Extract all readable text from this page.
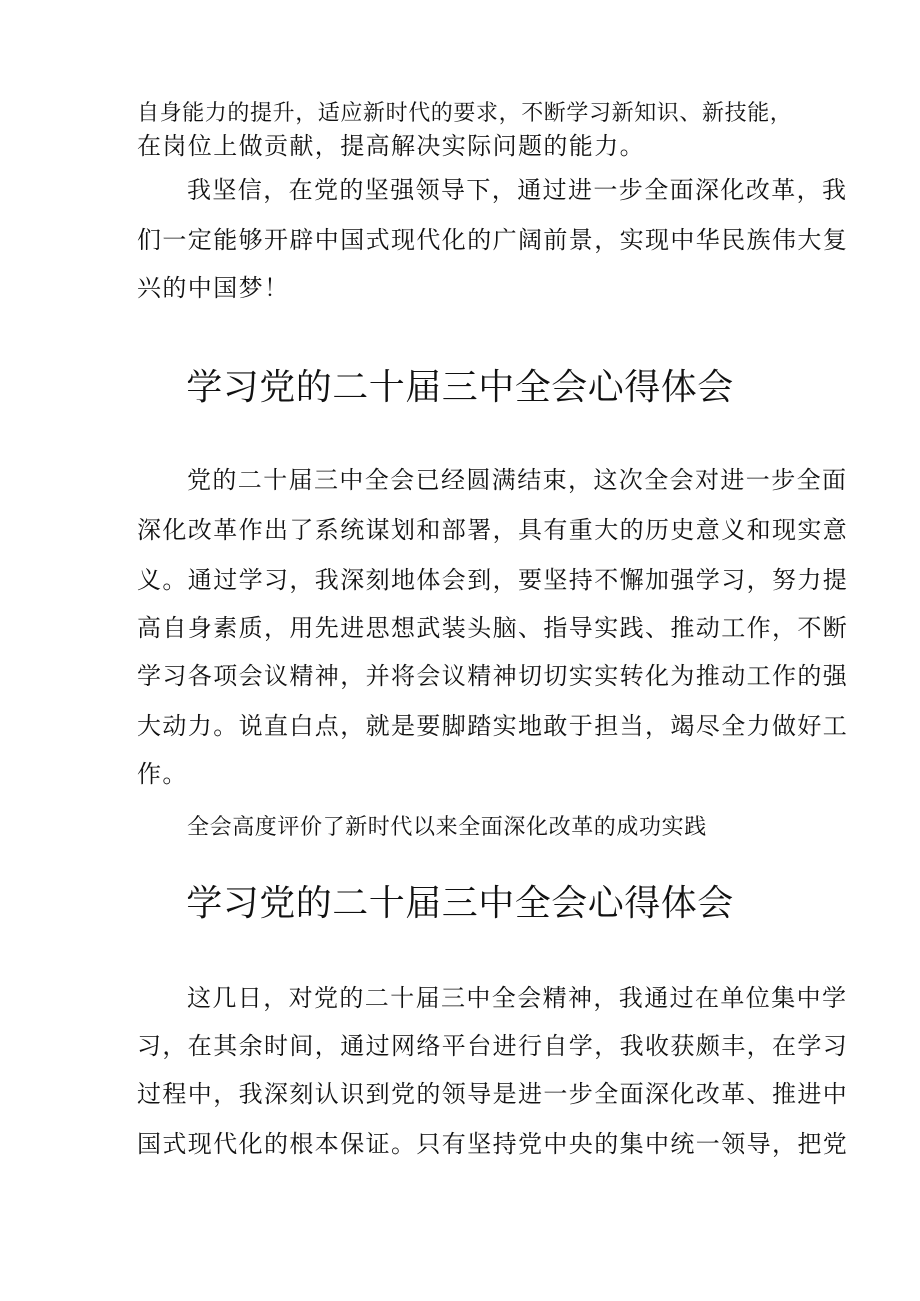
自身能力的提升，适应新时代的要求，不断学习新知识、新技能，

在岗位上做贡献，提高解决实际问题的能力。

我坚信，在党的坚强领导下，通过进一步全面深化改革，我

们一定能够开辟中国式现代化的广阔前景，实现中华民族伟大复

兴的中国梦！

学习党的二十届三中全会心得体会

党的二十届三中全会已经圆满结束，这次全会对进一步全面

深化改革作出了系统谋划和部署，具有重大的历史意义和现实意

义。通过学习，我深刻地体会到，要坚持不懈加强学习，努力提

高自身素质，用先进思想武装头脑、指导实践、推动工作，不断

学习各项会议精神，并将会议精神切切实实转化为推动工作的强

大动力。说直白点，就是要脚踏实地敢于担当，竭尽全力做好工

作。

全会高度评价了新时代以来全面深化改革的成功实践

学习党的二十届三中全会心得体会

这几日，对党的二十届三中全会精神，我通过在单位集中学

习，在其余时间，通过网络平台进行自学，我收获颇丰，在学习

过程中，我深刻认识到党的领导是进一步全面深化改革、推进中

国式现代化的根本保证。只有坚持党中央的集中统一领导，把党
